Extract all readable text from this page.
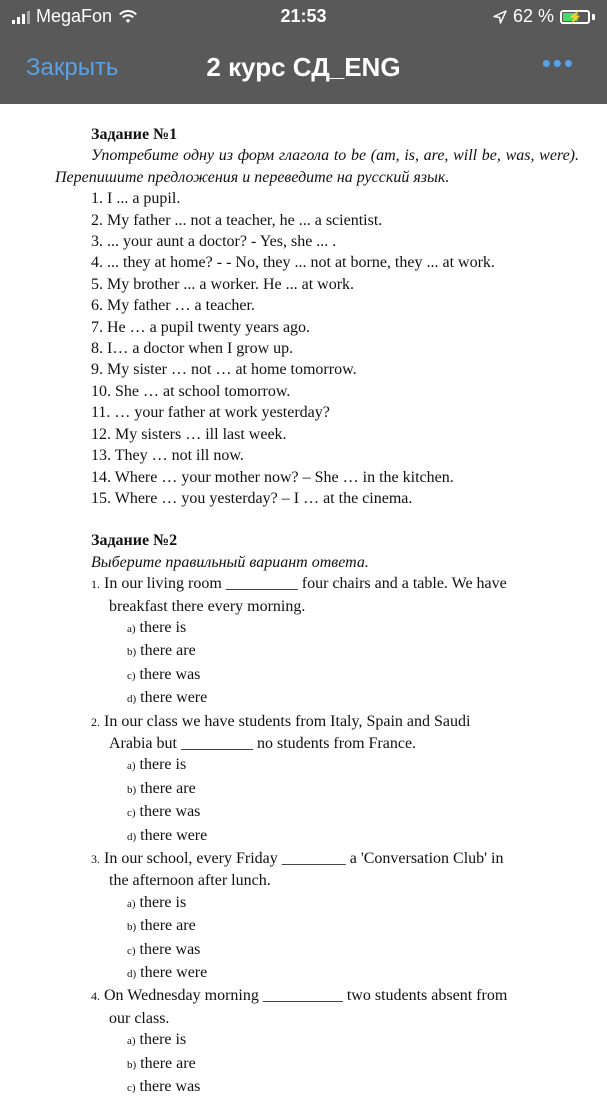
MegaFon	21:53	62 %	⚡
Закрыть	2 курс СД_ENG	•••

Задание №1

Употребите одну из форм глагола to be (am, is, are, will be, was, were). Перепишите предложения и переведите на русский язык.

1. I ... a pupil.

2. My father ... not a teacher, he ... a scientist.

3. ... your aunt a doctor? - Yes, she ... .

4. ... they at home? - - No, they ... not at borne, they ... at work.

5. My brother ... a worker. He ... at work.

6. My father … a teacher.

7. He … a pupil twenty years ago.

8. I… a doctor when I grow up.

9. My sister … not … at home tomorrow.

10. She … at school tomorrow.

11. … your father at work yesterday?

12. My sisters … ill last week.

13. They … not ill now.

14. Where … your mother now? – She … in the kitchen.

15. Where … you yesterday? – I … at the cinema.

Задание №2

Выберите правильный вариант ответа.

1. In our living room _________ four chairs and a table. We have
breakfast there every morning.

a) there is

b) there are

c) there was

d) there were

2. In our class we have students from Italy, Spain and Saudi
Arabia but _________ no students from France.

a) there is

b) there are

c) there was

d) there were

3. In our school, every Friday ________ a 'Conversation Club' in
the afternoon after lunch.

a) there is

b) there are

c) there was

d) there were

4. On Wednesday morning __________ two students absent from
our class.

a) there is

b) there are

c) there was
